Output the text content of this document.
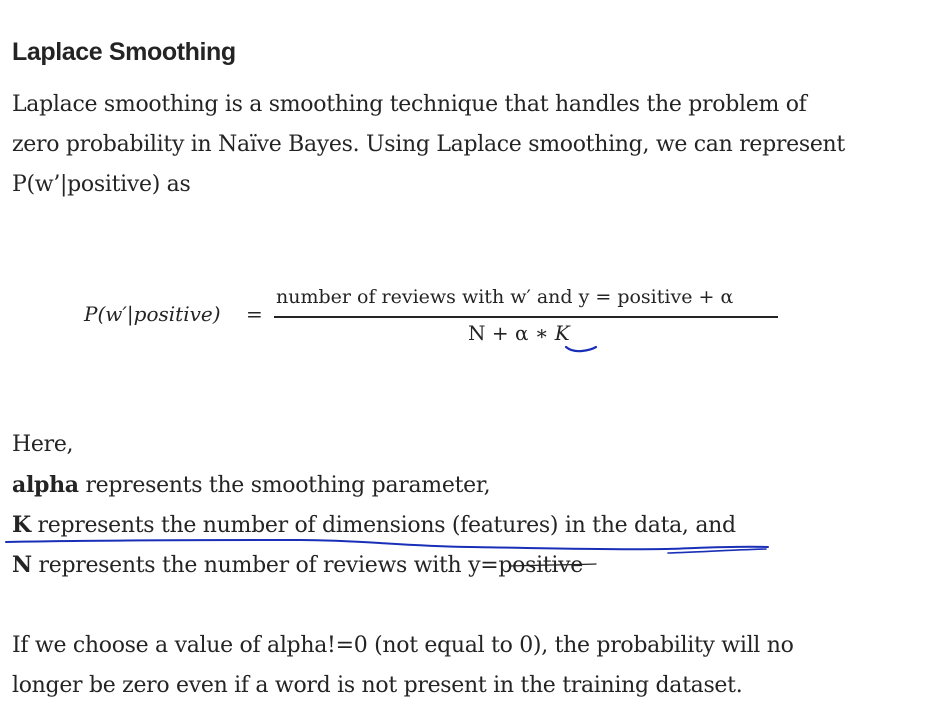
Laplace Smoothing

Laplace smoothing is a smoothing technique that handles the problem of
zero probability in Naïve Bayes. Using Laplace smoothing, we can represent
P(w’|positive) as

P(w′|positive) =
number of reviews with w′ and y = positive + α
N + α ∗ K

Here,
alpha represents the smoothing parameter,
K represents the number of dimensions (features) in the data, and
N represents the number of reviews with y=positive

If we choose a value of alpha!=0 (not equal to 0), the probability will no
longer be zero even if a word is not present in the training dataset.
